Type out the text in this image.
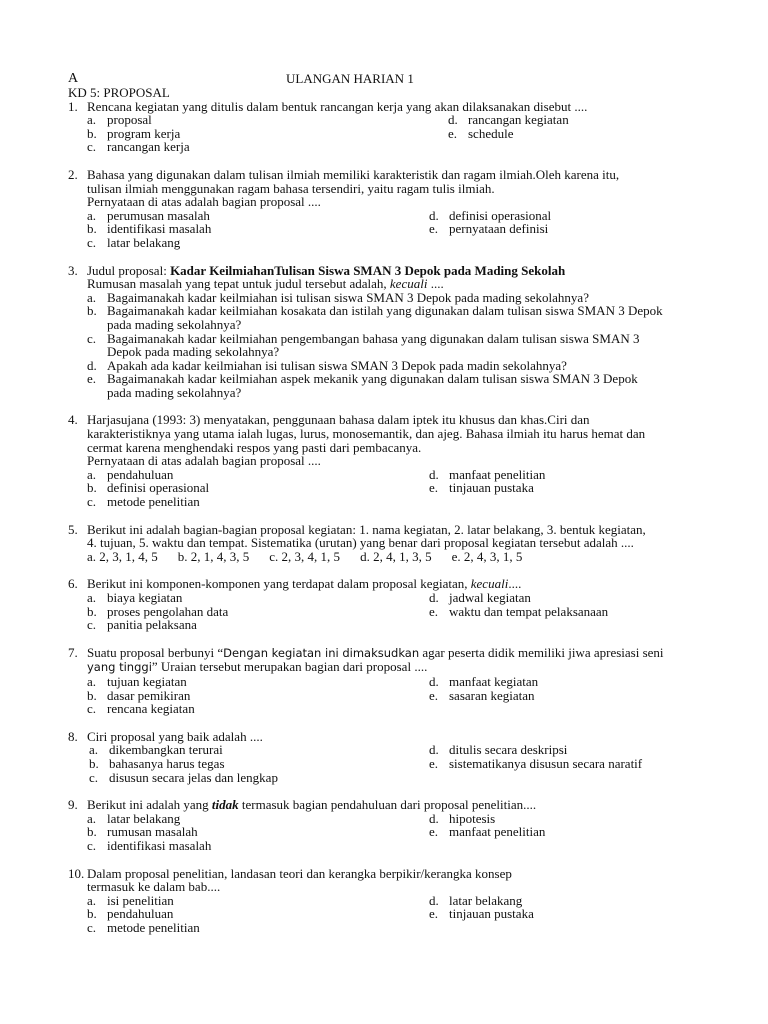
A	ULANGAN HARIAN 1
KD 5: PROPOSAL
1. Rencana kegiatan yang ditulis dalam bentuk rancangan kerja yang akan dilaksanakan disebut ....
a. proposal	d. rancangan kegiatan
b. program kerja	e. schedule
c. rancangan kerja
2. Bahasa yang digunakan dalam tulisan ilmiah memiliki karakteristik dan ragam ilmiah.Oleh karena itu,
tulisan ilmiah menggunakan ragam bahasa tersendiri, yaitu ragam tulis ilmiah.
Pernyataan di atas adalah bagian proposal ....
a. perumusan masalah	d. definisi operasional
b. identifikasi masalah	e. pernyataan definisi
c. latar belakang
3. Judul proposal: Kadar KeilmiahanTulisan Siswa SMAN 3 Depok pada Mading Sekolah
Rumusan masalah yang tepat untuk judul tersebut adalah, kecuali ....
a. Bagaimanakah kadar keilmiahan isi tulisan siswa SMAN 3 Depok pada mading sekolahnya?
b. Bagaimanakah kadar keilmiahan kosakata dan istilah yang digunakan dalam tulisan siswa SMAN 3 Depok
pada mading sekolahnya?
c. Bagaimanakah kadar keilmiahan pengembangan bahasa yang digunakan dalam tulisan siswa SMAN 3
Depok pada mading sekolahnya?
d. Apakah ada kadar keilmiahan isi tulisan siswa SMAN 3 Depok pada madin sekolahnya?
e. Bagaimanakah kadar keilmiahan aspek mekanik yang digunakan dalam tulisan siswa SMAN 3 Depok
pada mading sekolahnya?
4. Harjasujana (1993: 3) menyatakan, penggunaan bahasa dalam iptek itu khusus dan khas.Ciri dan
karakteristiknya yang utama ialah lugas, lurus, monosemantik, dan ajeg. Bahasa ilmiah itu harus hemat dan
cermat karena menghendaki respos yang pasti dari pembacanya.
Pernyataan di atas adalah bagian proposal ....
a. pendahuluan	d. manfaat penelitian
b. definisi operasional	e. tinjauan pustaka
c. metode penelitian
5. Berikut ini adalah bagian-bagian proposal kegiatan: 1. nama kegiatan, 2. latar belakang, 3. bentuk kegiatan,
4. tujuan, 5. waktu dan tempat. Sistematika (urutan) yang benar dari proposal kegiatan tersebut adalah ....
a. 2, 3, 1, 4, 5 b. 2, 1, 4, 3, 5 c. 2, 3, 4, 1, 5 d. 2, 4, 1, 3, 5 e. 2, 4, 3, 1, 5
6. Berikut ini komponen-komponen yang terdapat dalam proposal kegiatan, kecuali....
a. biaya kegiatan	d. jadwal kegiatan
b. proses pengolahan data	e. waktu dan tempat pelaksanaan
c. panitia pelaksana
7. Suatu proposal berbunyi “Dengan kegiatan ini dimaksudkan agar peserta didik memiliki jiwa apresiasi seni
yang tinggi” Uraian tersebut merupakan bagian dari proposal ....
a. tujuan kegiatan	d. manfaat kegiatan
b. dasar pemikiran	e. sasaran kegiatan
c. rencana kegiatan
8. Ciri proposal yang baik adalah ....
a. dikembangkan terurai	d. ditulis secara deskripsi
b. bahasanya harus tegas	e. sistematikanya disusun secara naratif
c. disusun secara jelas dan lengkap
9. Berikut ini adalah yang tidak termasuk bagian pendahuluan dari proposal penelitian....
a. latar belakang	d. hipotesis
b. rumusan masalah	e. manfaat penelitian
c. identifikasi masalah
10. Dalam proposal penelitian, landasan teori dan kerangka berpikir/kerangka konsep
termasuk ke dalam bab....
a. isi penelitian	d. latar belakang
b. pendahuluan	e. tinjauan pustaka
c. metode penelitian
